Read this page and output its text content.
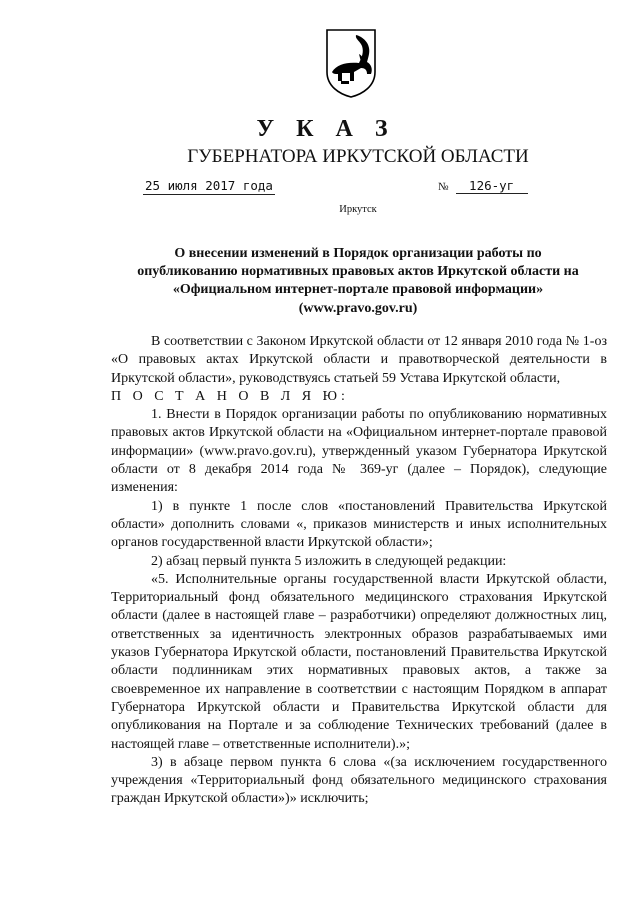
У К А З
ГУБЕРНАТОРА ИРКУТСКОЙ ОБЛАСТИ
25 июля 2017 года	№ 126-уг
Иркутск
О внесении изменений в Порядок организации работы по
опубликованию нормативных правовых актов Иркутской области на
«Официальном интернет-портале правовой информации»
(www.pravo.gov.ru)

В соответствии с Законом Иркутской области от 12 января 2010 года № 1-оз «О правовых актах Иркутской области и правотворческой деятельности в Иркутской области», руководствуясь статьей 59 Устава Иркутской области,

П О С Т А Н О В Л Я Ю:

1. Внести в Порядок организации работы по опубликованию нормативных правовых актов Иркутской области на «Официальном интернет-портале правовой информации» (www.pravo.gov.ru), утвержденный указом Губернатора Иркутской области от 8 декабря 2014 года № 369-уг (далее – Порядок), следующие изменения:

1) в пункте 1 после слов «постановлений Правительства Иркутской области» дополнить словами «, приказов министерств и иных исполнительных органов государственной власти Иркутской области»;

2) абзац первый пункта 5 изложить в следующей редакции:

«5. Исполнительные органы государственной власти Иркутской области, Территориальный фонд обязательного медицинского страхования Иркутской области (далее в настоящей главе – разработчики) определяют должностных лиц, ответственных за идентичность электронных образов разрабатываемых ими указов Губернатора Иркутской области, постановлений Правительства Иркутской области подлинникам этих нормативных правовых актов, а также за своевременное их направление в соответствии с настоящим Порядком в аппарат Губернатора Иркутской области и Правительства Иркутской области для опубликования на Портале и за соблюдение Технических требований (далее в настоящей главе – ответственные исполнители).»;

3) в абзаце первом пункта 6 слова «(за исключением государственного учреждения «Территориальный фонд обязательного медицинского страхования граждан Иркутской области»)» исключить;
